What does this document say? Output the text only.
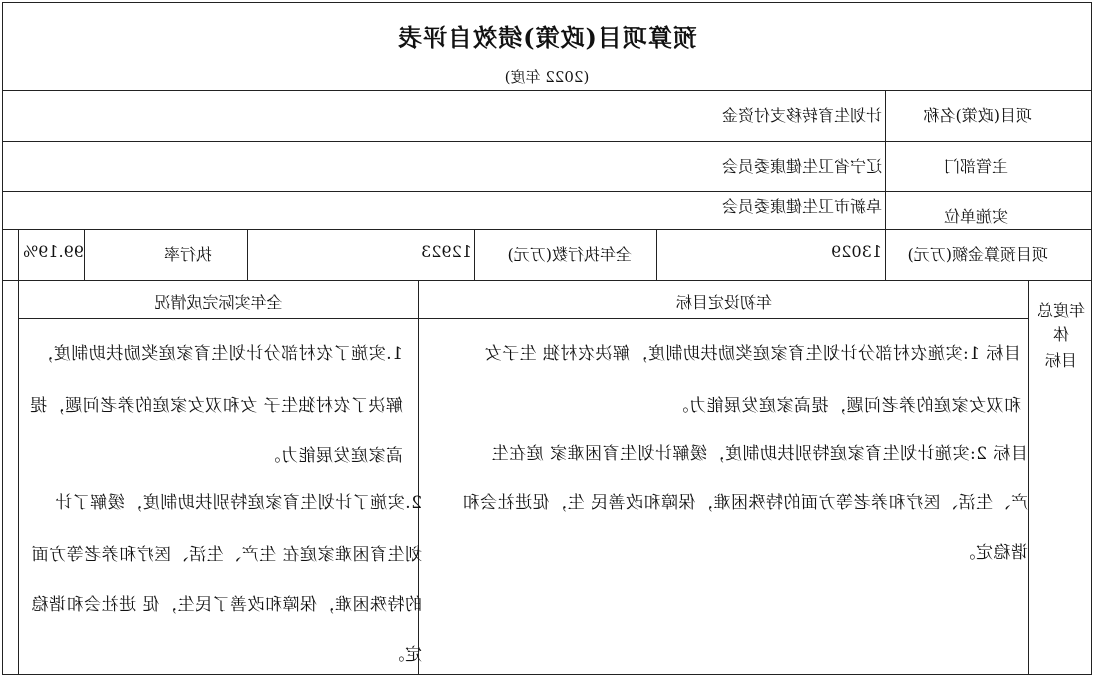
预算项目(政策)绩效自评表
(2022 年度)
项目(政策)名称
计划生育转移支付资金
主管部门
辽宁省卫生健康委员会
实施单位
阜新市卫生健康委员会
项目预算金额(万元)
13029
全年执行数(万元)
12923
执行率
99.19%
年度总
体
目标
年初设定目标
全年实际完成情况
目标 1:实施农村部分计划生育家庭奖励扶助制度，解决农村独 生子女
和双女家庭的养老问题，提高家庭发展能力。
目标 2:实施计划生育家庭特别扶助制度，缓解计划生育困难家 庭在生
产、生活、医疗和养老等方面的特殊困难，保障和改善民 生，促进社会和
谐稳定。
1.实施了农村部分计划生育家庭奖励扶助制度，
解决了农村独生子 女和双女家庭的养老问题，提
高家庭发展能力。
2.实施了计划生育家庭特别扶助制度，缓解了计
划生育困难家庭在 生产、生活、医疗和养老等方面
的特殊困难，保障和改善了民生，促 进社会和谐稳
定。
